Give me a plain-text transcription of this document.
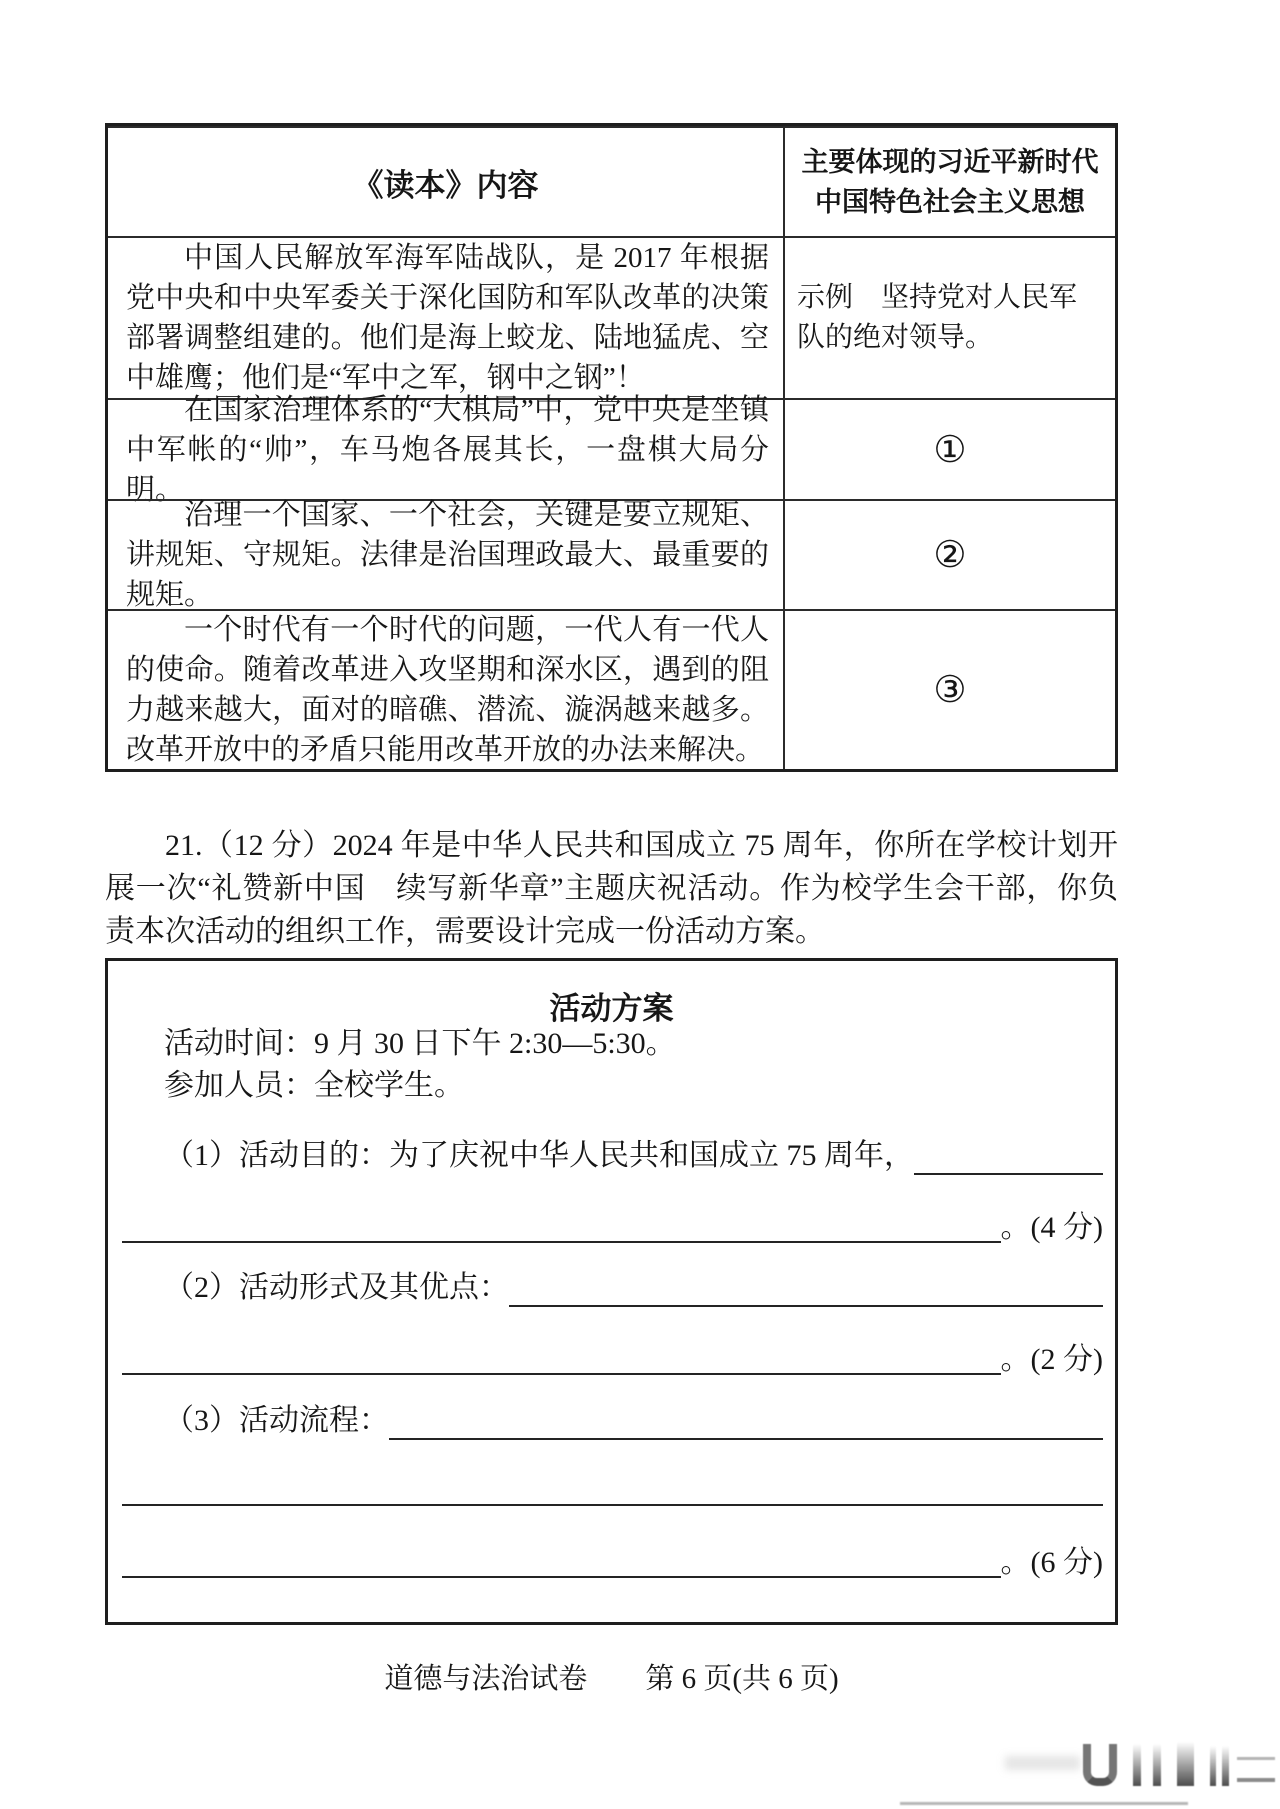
《读本》内容
主要体现的习近平新时代
中国特色社会主义思想

中国人民解放军海军陆战队，是 2017 年根据党中央和中央军委关于深化国防和军队改革的决策部署调整组建的。他们是海上蛟龙、陆地猛虎、空中雄鹰；他们是“军中之军，钢中之钢”！

示例　坚持党对人民军队的绝对领导。

在国家治理体系的“大棋局”中，党中央是坐镇中军帐的“帅”，车马炮各展其长，一盘棋大局分明。

①

治理一个国家、一个社会，关键是要立规矩、讲规矩、守规矩。法律是治国理政最大、最重要的规矩。

②

一个时代有一个时代的问题，一代人有一代人的使命。随着改革进入攻坚期和深水区，遇到的阻力越来越大，面对的暗礁、潜流、漩涡越来越多。改革开放中的矛盾只能用改革开放的办法来解决。

③

21.（12 分）2024 年是中华人民共和国成立 75 周年，你所在学校计划开展一次“礼赞新中国　续写新华章”主题庆祝活动。作为校学生会干部，你负责本次活动的组织工作，需要设计完成一份活动方案。

活动方案
活动时间：9 月 30 日下午 2:30—5:30。
参加人员：全校学生。
（1）活动目的：为了庆祝中华人民共和国成立 75 周年，
。(4 分)
（2）活动形式及其优点：
。(2 分)
（3）活动流程：
。(6 分)
道德与法治试卷　　第 6 页(共 6 页)
